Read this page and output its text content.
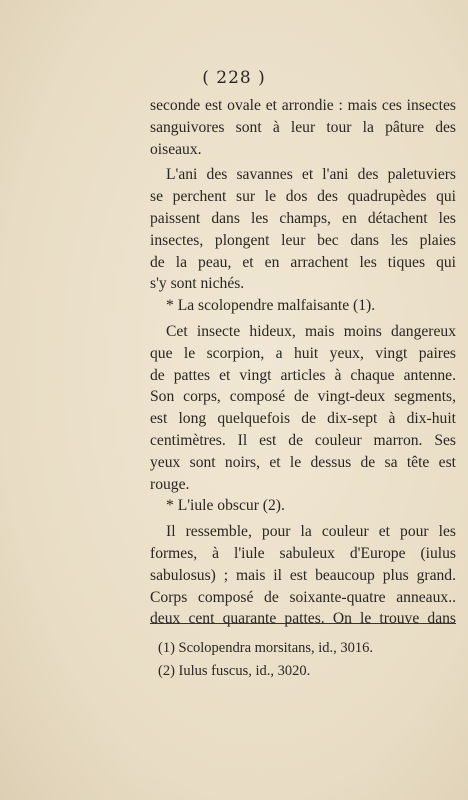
( 228 )
seconde est ovale et arrondie : mais ces insectes
sanguivores sont à leur tour la pâture des
oiseaux.
L'ani des savannes et l'ani des paletuviers
se perchent sur le dos des quadrupèdes qui
paissent dans les champs, en détachent les
insectes, plongent leur bec dans les plaies
de la peau, et en arrachent les tiques qui
s'y sont nichés.
* La scolopendre malfaisante (1).
Cet insecte hideux, mais moins dangereux
que le scorpion, a huit yeux, vingt paires
de pattes et vingt articles à chaque antenne.
Son corps, composé de vingt-deux segments,
est long quelquefois de dix-sept à dix-huit
centimètres. Il est de couleur marron. Ses
yeux sont noirs, et le dessus de sa tête est
rouge.
* L'iule obscur (2).
Il ressemble, pour la couleur et pour les
formes, à l'iule sabuleux d'Europe (iulus
sabulosus) ; mais il est beaucoup plus grand.
Corps composé de soixante-quatre anneaux..
deux cent quarante pattes. On le trouve dans
(1) Scolopendra morsitans, id., 3016.
(2) Iulus fuscus, id., 3020.
